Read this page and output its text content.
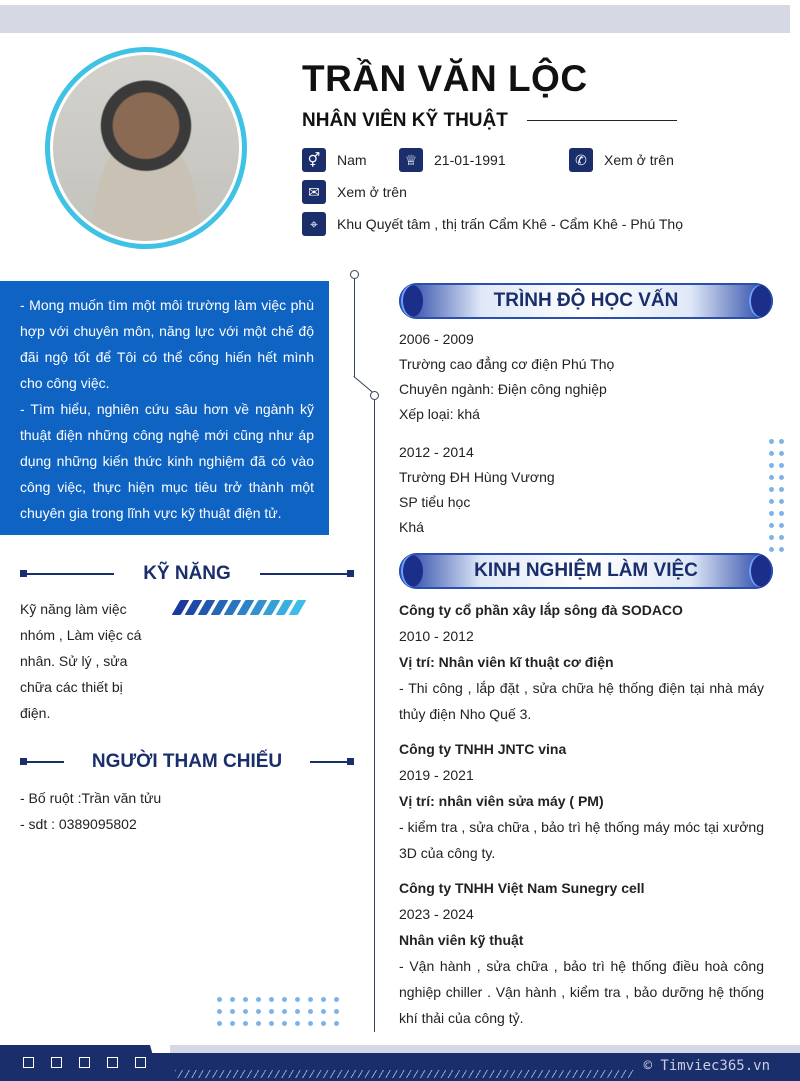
TRẦN VĂN LỘC
NHÂN VIÊN KỸ THUẬT
⚥	Nam	♕	21-01-1991	✆	Xem ở trên
✉	Xem ở trên
⌖	Khu Quyết tâm , thị trấn Cẩm Khê - Cẩm Khê - Phú Thọ
- Mong muốn tìm một môi trường làm việc phù hợp với chuyên môn, năng lực với một chế độ đãi ngộ tốt để Tôi có thể cống hiến hết mình cho công việc.
- Tìm hiểu, nghiên cứu sâu hơn về ngành kỹ thuật điện những công nghệ mới cũng như áp dụng những kiến thức kinh nghiệm đã có vào công việc, thực hiện mục tiêu trở thành một chuyên gia trong lĩnh vực kỹ thuật điện tử.
KỸ NĂNG
Kỹ năng làm việc nhóm , Làm việc cá nhân. Sử lý , sửa chữa các thiết bị điện.
NGƯỜI THAM CHIẾU
- Bố ruột :Trần văn tửu
- sdt : 0389095802
TRÌNH ĐỘ HỌC VẤN
2006 - 2009
Trường cao đẳng cơ điện Phú Thọ
Chuyên ngành: Điện công nghiệp
Xếp loại: khá
2012 - 2014
Trường ĐH Hùng Vương
SP tiểu học
Khá
KINH NGHIỆM LÀM VIỆC
Công ty cổ phần xây lắp sông đà SODACO
2010 - 2012
Vị trí: Nhân viên kĩ thuật cơ điện
- Thi công , lắp đặt , sửa chữa hệ thống điện tại nhà máy thủy điện Nho Quế 3.
Công ty TNHH JNTC vina
2019 - 2021
Vị trí: nhân viên sửa máy ( PM)
- kiểm tra , sửa chữa , bảo trì hệ thống máy móc tại xưởng 3D của công ty.
Công ty TNHH Việt Nam Sunegry cell
2023 - 2024
Nhân viên kỹ thuật
- Vận hành , sửa chữa , bảo trì hệ thống điều hoà công nghiệp chiller . Vận hành , kiểm tra , bảo dưỡng hệ thống khí thải của công tỷ.
© Timviec365.vn
